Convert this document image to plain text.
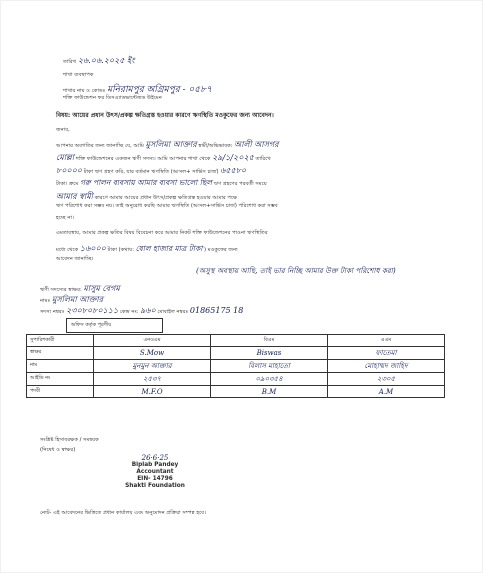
তারিখ ২৬.০৬.২০২৫ ইং
শাখা ব্যবস্থাপক
শাখার নাম ও কোডঃ মনিরামপুর অগ্রিমপুর - ০৫৮৭
শক্তি ফাউন্ডেশন ফর ডিসএ্যাডভান্টেজড উইমেন
বিষয়: আয়ের প্রধান উৎস/প্রকল্প ক্ষতিগ্রস্ত হওয়ার কারণে ঋণস্থিতি মওকুফের জন্য আবেদন।
জনাব,
আপনার অবগতির জন্য জানাচ্ছি যে, আমি মুসলিমা আক্তার স্বামী/অভিভাবক: আলী আসগর
মোল্লা শক্তি ফাউন্ডেশনের একজন ঋণী সদস্য। আমি আপনার শাখা থেকে ২৯/১/২০২৫ তারিখে
৮০০০০ টাকা ঋণ গ্রহণ করি, যার বর্তমান ঋণস্থিতি (আসল+ সার্ভিস চার্জ) ৬৫৫৮০
টাকা। ক্রমে গরু পালন ব্যবসায় আমার ব্যবসা ভালো ছিল ঋণ গ্রহণের পরবর্তী সময়ে
আমার স্বামী কারণে আমার আয়ের প্রধান উৎস/প্রকল্প ক্ষতিগ্রস্ত হওয়ার আমার পক্ষে
ঋণ পরিশোধ করা সম্ভব নয়। তাই অনুরোধ করছি আমার ঋণস্থিতি (আসল+সার্ভিস চার্জ) পরিশোধ করা সম্ভব
হচ্ছে না।
এমতাবস্থায়, আমার প্রকল্প ক্ষতির বিষয় বিবেচনা করে আমার নিকট শক্তি ফাউন্ডেশনের পাওনা ঋণস্থিতির
মধ্যে থেকে ১৬০০০ টাকা (কথায়: ষোল হাজার মাত্র টাকা ) মওকুফের জন্য
আবেদন জানাচ্ছি।
(অসুস্থ অবস্থায় আছি, তাই ভার নিচ্ছি আমার উক্ত টাকা পরিশোধ করা)
ঋণী সদস্যের স্বাক্ষর: মাসুম বেগম
নামঃ মুসলিমা আক্তার
সদস্য নম্বরঃ ২৩০৮০৮০১১১ কেন্দ্র নং: ৯৬০ মোবাইল নম্বরঃ 01865175 18
অফিস কর্তৃক পূরণীয়
সুপারিশকারী	এনওএম	বিএম	এএম
স্বাক্ষর	S.Mow	Biswas	ফাতেমা
নাম	মুনমুন আক্তার	বিলাস মাহাতো	মোহাম্মদ জাহিদ
আইডি নং	২৫৩৭	০৯০৩৫৪	২৩০৫
পদবী	M.F.O	B.M	A.M
সংশ্লিষ্ট হিসাবরক্ষক / সমন্বয়ক
(নিষেধ ও স্বাক্ষর)
26·6·25
Biplab Pandey
Accountant
EIN- 14796
Shakti Foundation
নোট- এই আবেদনের ভিত্তিতে প্রধান কার্যালয় এবং অনুমোদন প্রক্রিয়া সম্পন্ন হবে।
